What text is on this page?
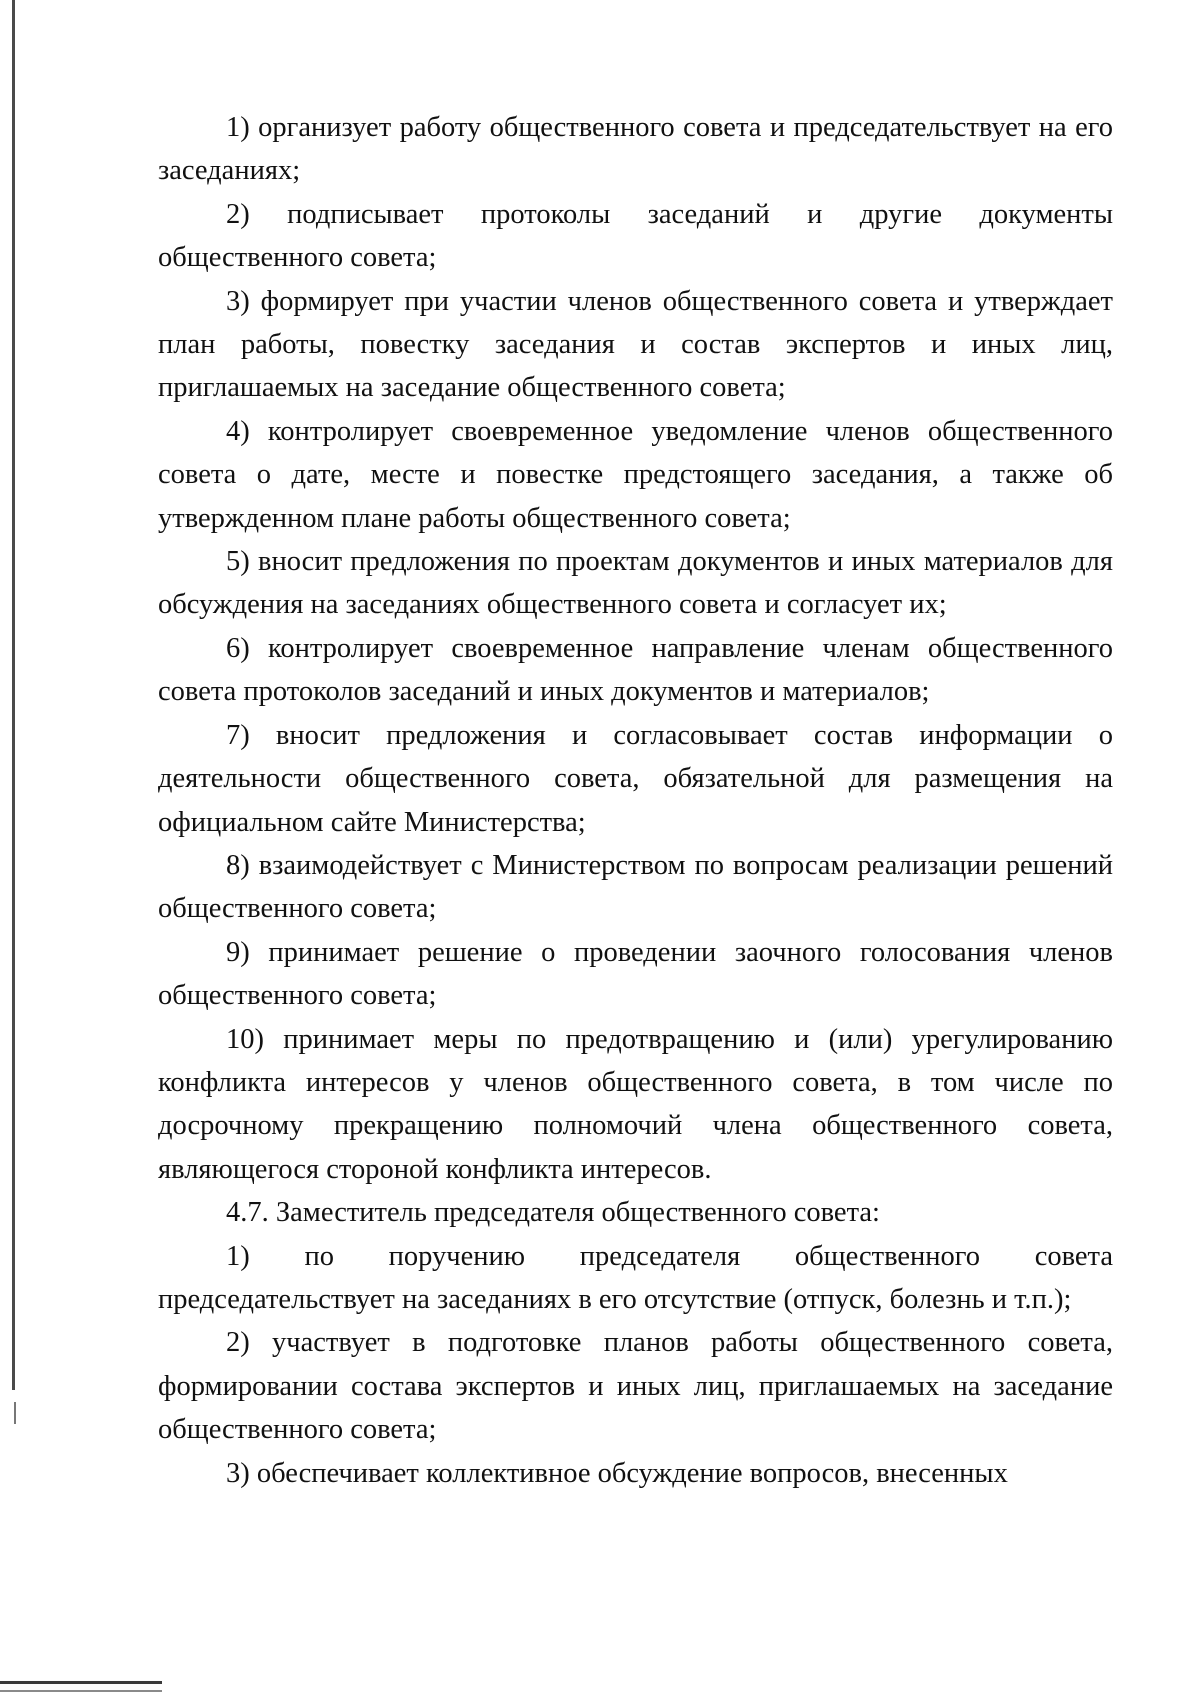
1) организует работу общественного совета и председательствует на его заседаниях;

2) подписывает протоколы заседаний и другие документы общественного совета;

3) формирует при участии членов общественного совета и утверждает план работы, повестку заседания и состав экспертов и иных лиц, приглашаемых на заседание общественного совета;

4) контролирует своевременное уведомление членов общественного совета о дате, месте и повестке предстоящего заседания, а также об утвержденном плане работы общественного совета;

5) вносит предложения по проектам документов и иных материалов для обсуждения на заседаниях общественного совета и согласует их;

6) контролирует своевременное направление членам общественного совета протоколов заседаний и иных документов и материалов;

7) вносит предложения и согласовывает состав информации о деятельности общественного совета, обязательной для размещения на официальном сайте Министерства;

8) взаимодействует с Министерством по вопросам реализации решений общественного совета;

9) принимает решение о проведении заочного голосования членов общественного совета;

10) принимает меры по предотвращению и (или) урегулированию конфликта интересов у членов общественного совета, в том числе по досрочному прекращению полномочий члена общественного совета, являющегося стороной конфликта интересов.

4.7. Заместитель председателя общественного совета:

1) по поручению председателя общественного совета председательствует на заседаниях в его отсутствие (отпуск, болезнь и т.п.);

2) участвует в подготовке планов работы общественного совета, формировании состава экспертов и иных лиц, приглашаемых на заседание общественного совета;

3) обеспечивает коллективное обсуждение вопросов, внесенных
